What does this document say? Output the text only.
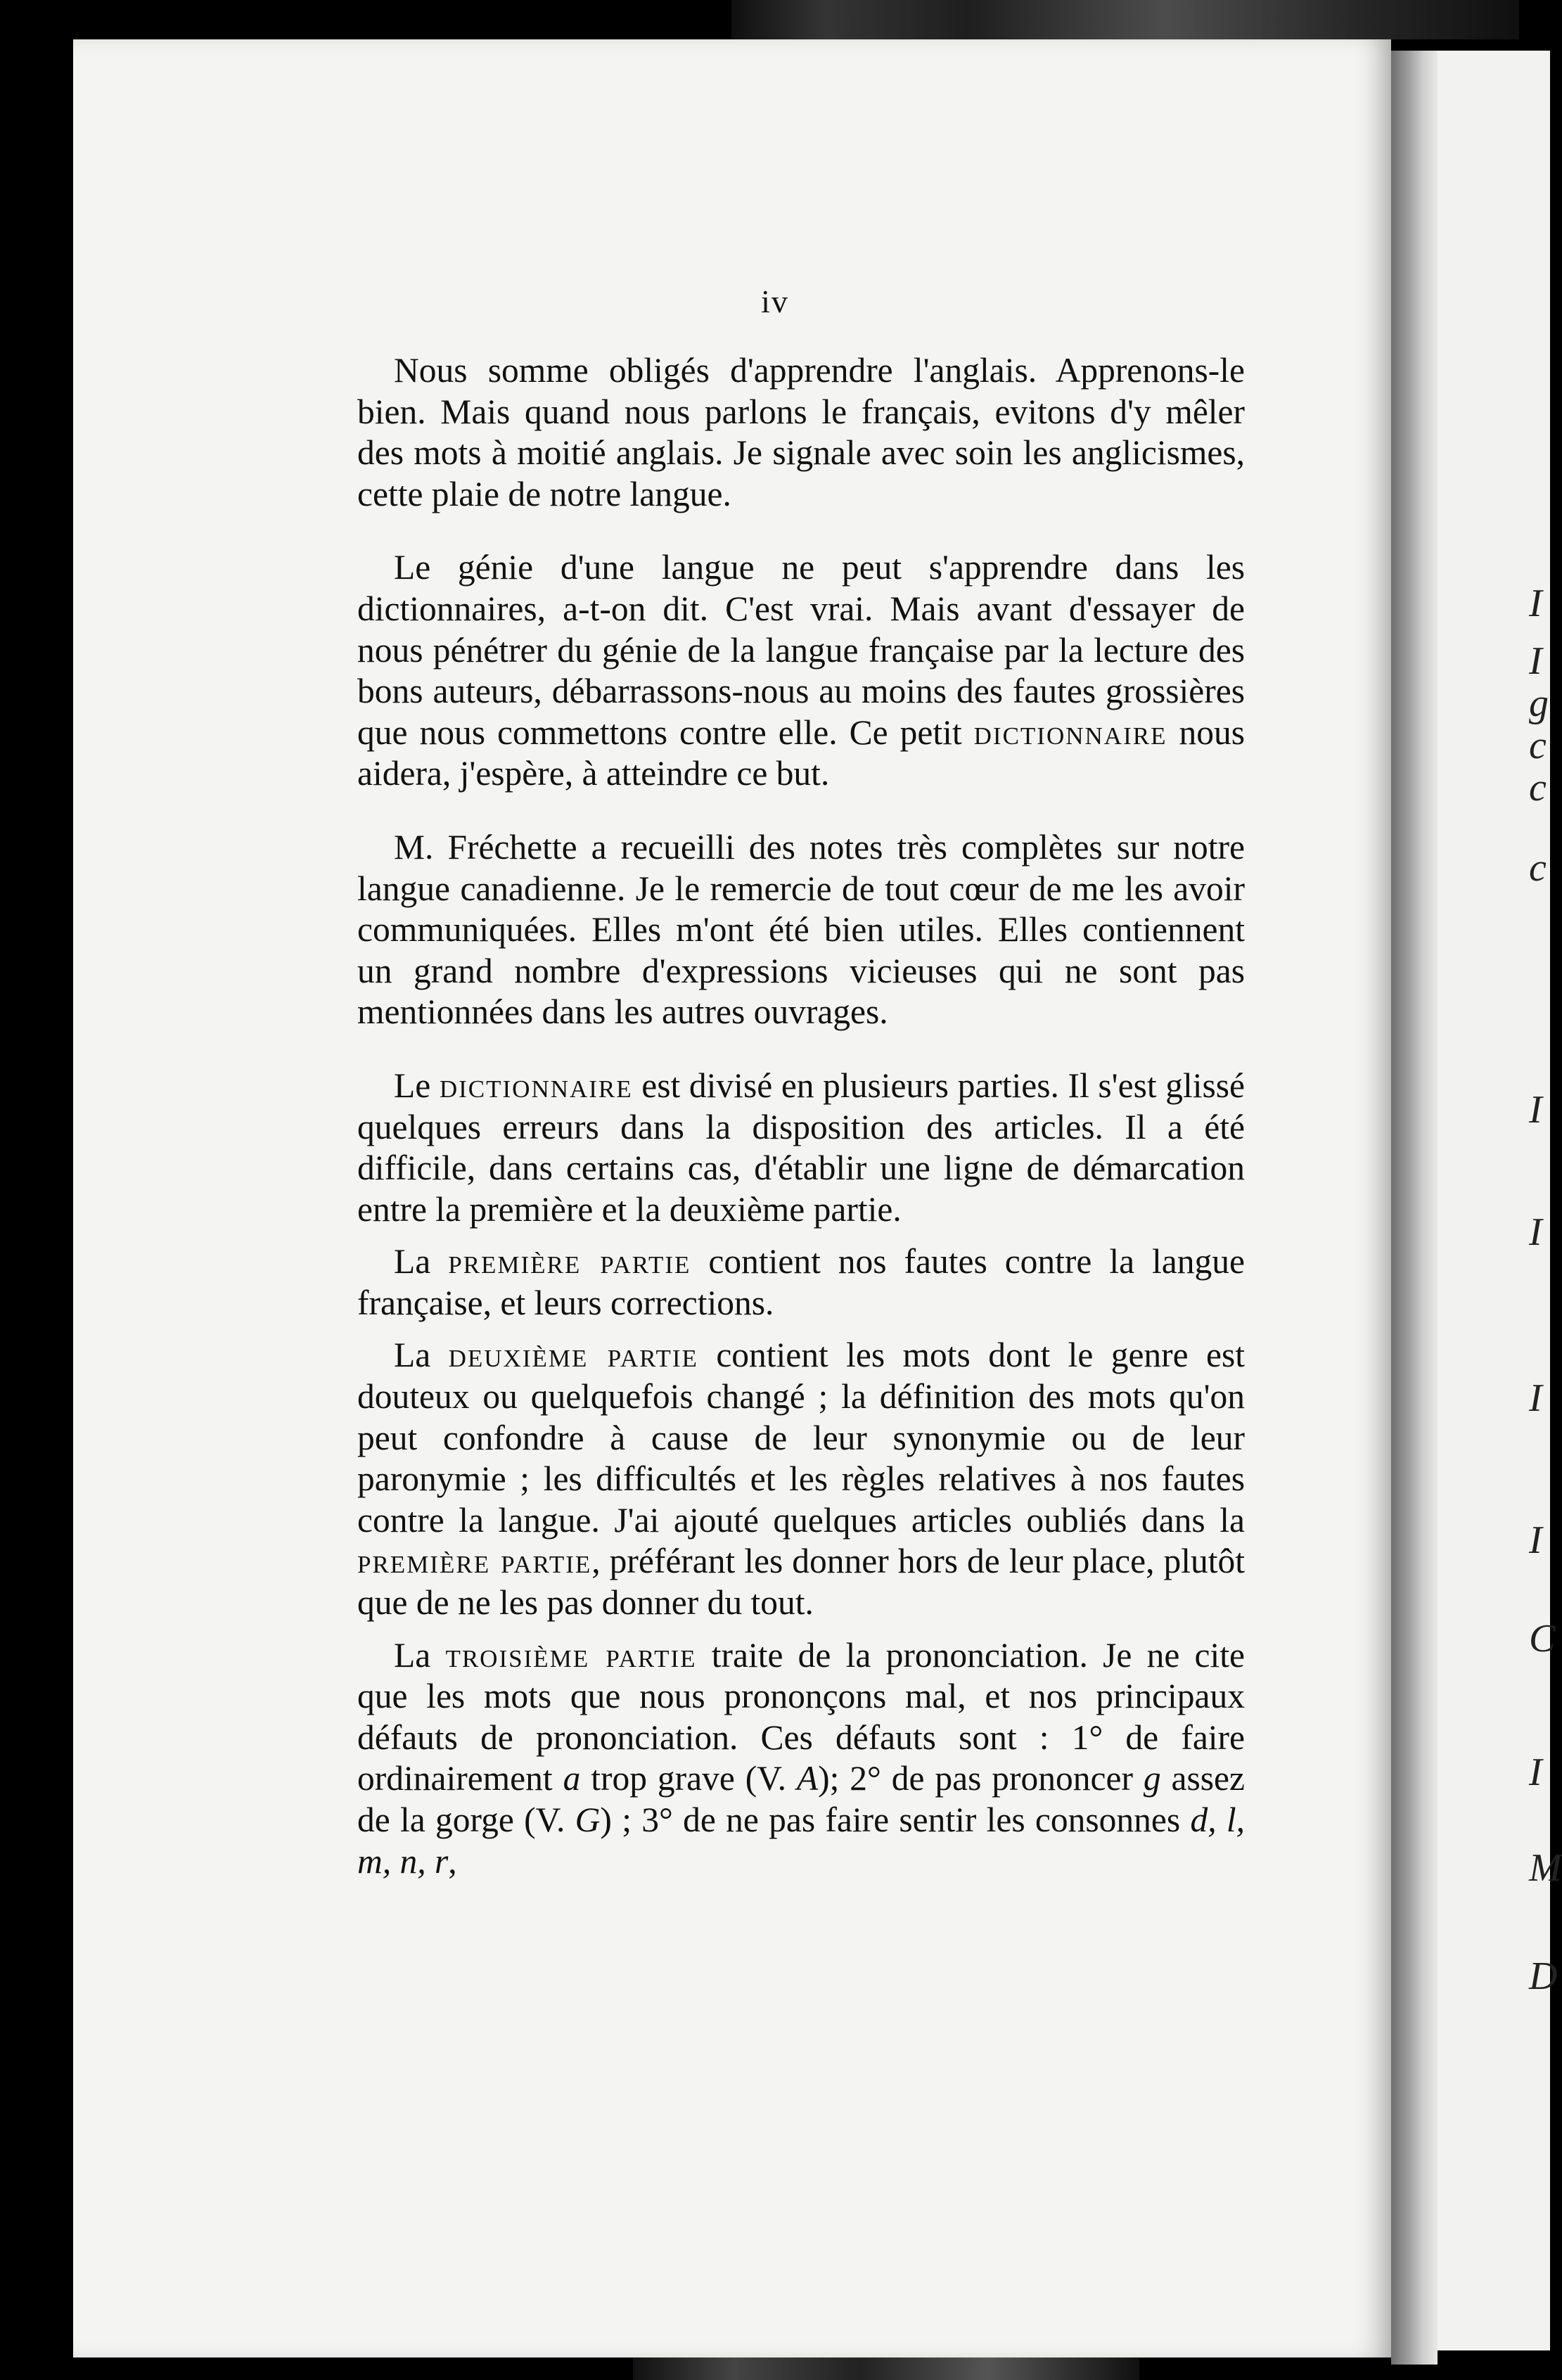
I
I
g
c
c
c
I
I
I
I
C
I
M
D
iv

Nous somme obligés d'apprendre l'anglais. Apprenons-le bien. Mais quand nous parlons le français, evitons d'y mêler des mots à moitié anglais. Je signale avec soin les anglicismes, cette plaie de notre langue.

Le génie d'une langue ne peut s'apprendre dans les dictionnaires, a-t-on dit. C'est vrai. Mais avant d'essayer de nous pénétrer du génie de la langue française par la lecture des bons auteurs, débarrassons-nous au moins des fautes grossières que nous commettons contre elle. Ce petit dictionnaire nous aidera, j'espère, à atteindre ce but.

M. Fréchette a recueilli des notes très complètes sur notre langue canadienne. Je le remercie de tout cœur de me les avoir communiquées. Elles m'ont été bien utiles. Elles contiennent un grand nombre d'expressions vicieuses qui ne sont pas mentionnées dans les autres ouvrages.

Le dictionnaire est divisé en plusieurs parties. Il s'est glissé quelques erreurs dans la disposition des articles. Il a été difficile, dans certains cas, d'établir une ligne de démarcation entre la première et la deuxième partie.

La première partie contient nos fautes contre la langue française, et leurs corrections.

La deuxième partie contient les mots dont le genre est douteux ou quelquefois changé ; la définition des mots qu'on peut confondre à cause de leur synonymie ou de leur paronymie ; les difficultés et les règles relatives à nos fautes contre la langue. J'ai ajouté quelques articles oubliés dans la première partie, préférant les donner hors de leur place, plutôt que de ne les pas donner du tout.

La troisième partie traite de la prononciation. Je ne cite que les mots que nous prononçons mal, et nos principaux défauts de prononciation. Ces défauts sont : 1° de faire ordinairement a trop grave (V. A); 2° de pas prononcer g assez de la gorge (V. G) ; 3° de ne pas faire sentir les consonnes d, l, m, n, r,
